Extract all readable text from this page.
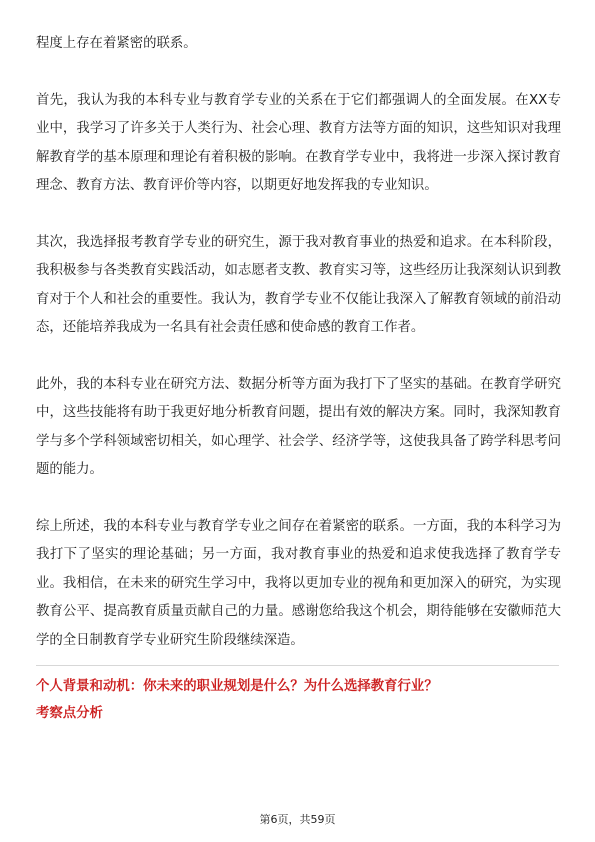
程度上存在着紧密的联系。

首先，我认为我的本科专业与教育学专业的关系在于它们都强调人的全面发展。在XX专业中，我学习了许多关于人类行为、社会心理、教育方法等方面的知识，这些知识对我理解教育学的基本原理和理论有着积极的影响。在教育学专业中，我将进一步深入探讨教育理念、教育方法、教育评价等内容，以期更好地发挥我的专业知识。

其次，我选择报考教育学专业的研究生，源于我对教育事业的热爱和追求。在本科阶段，我积极参与各类教育实践活动，如志愿者支教、教育实习等，这些经历让我深刻认识到教育对于个人和社会的重要性。我认为，教育学专业不仅能让我深入了解教育领域的前沿动态，还能培养我成为一名具有社会责任感和使命感的教育工作者。

此外，我的本科专业在研究方法、数据分析等方面为我打下了坚实的基础。在教育学研究中，这些技能将有助于我更好地分析教育问题，提出有效的解决方案。同时，我深知教育学与多个学科领域密切相关，如心理学、社会学、经济学等，这使我具备了跨学科思考问题的能力。

综上所述，我的本科专业与教育学专业之间存在着紧密的联系。一方面，我的本科学习为我打下了坚实的理论基础；另一方面，我对教育事业的热爱和追求使我选择了教育学专业。我相信，在未来的研究生学习中，我将以更加专业的视角和更加深入的研究，为实现教育公平、提高教育质量贡献自己的力量。感谢您给我这个机会，期待能够在安徽师范大学的全日制教育学专业研究生阶段继续深造。

个人背景和动机：你未来的职业规划是什么？为什么选择教育行业？
考察点分析
第6页，共59页
